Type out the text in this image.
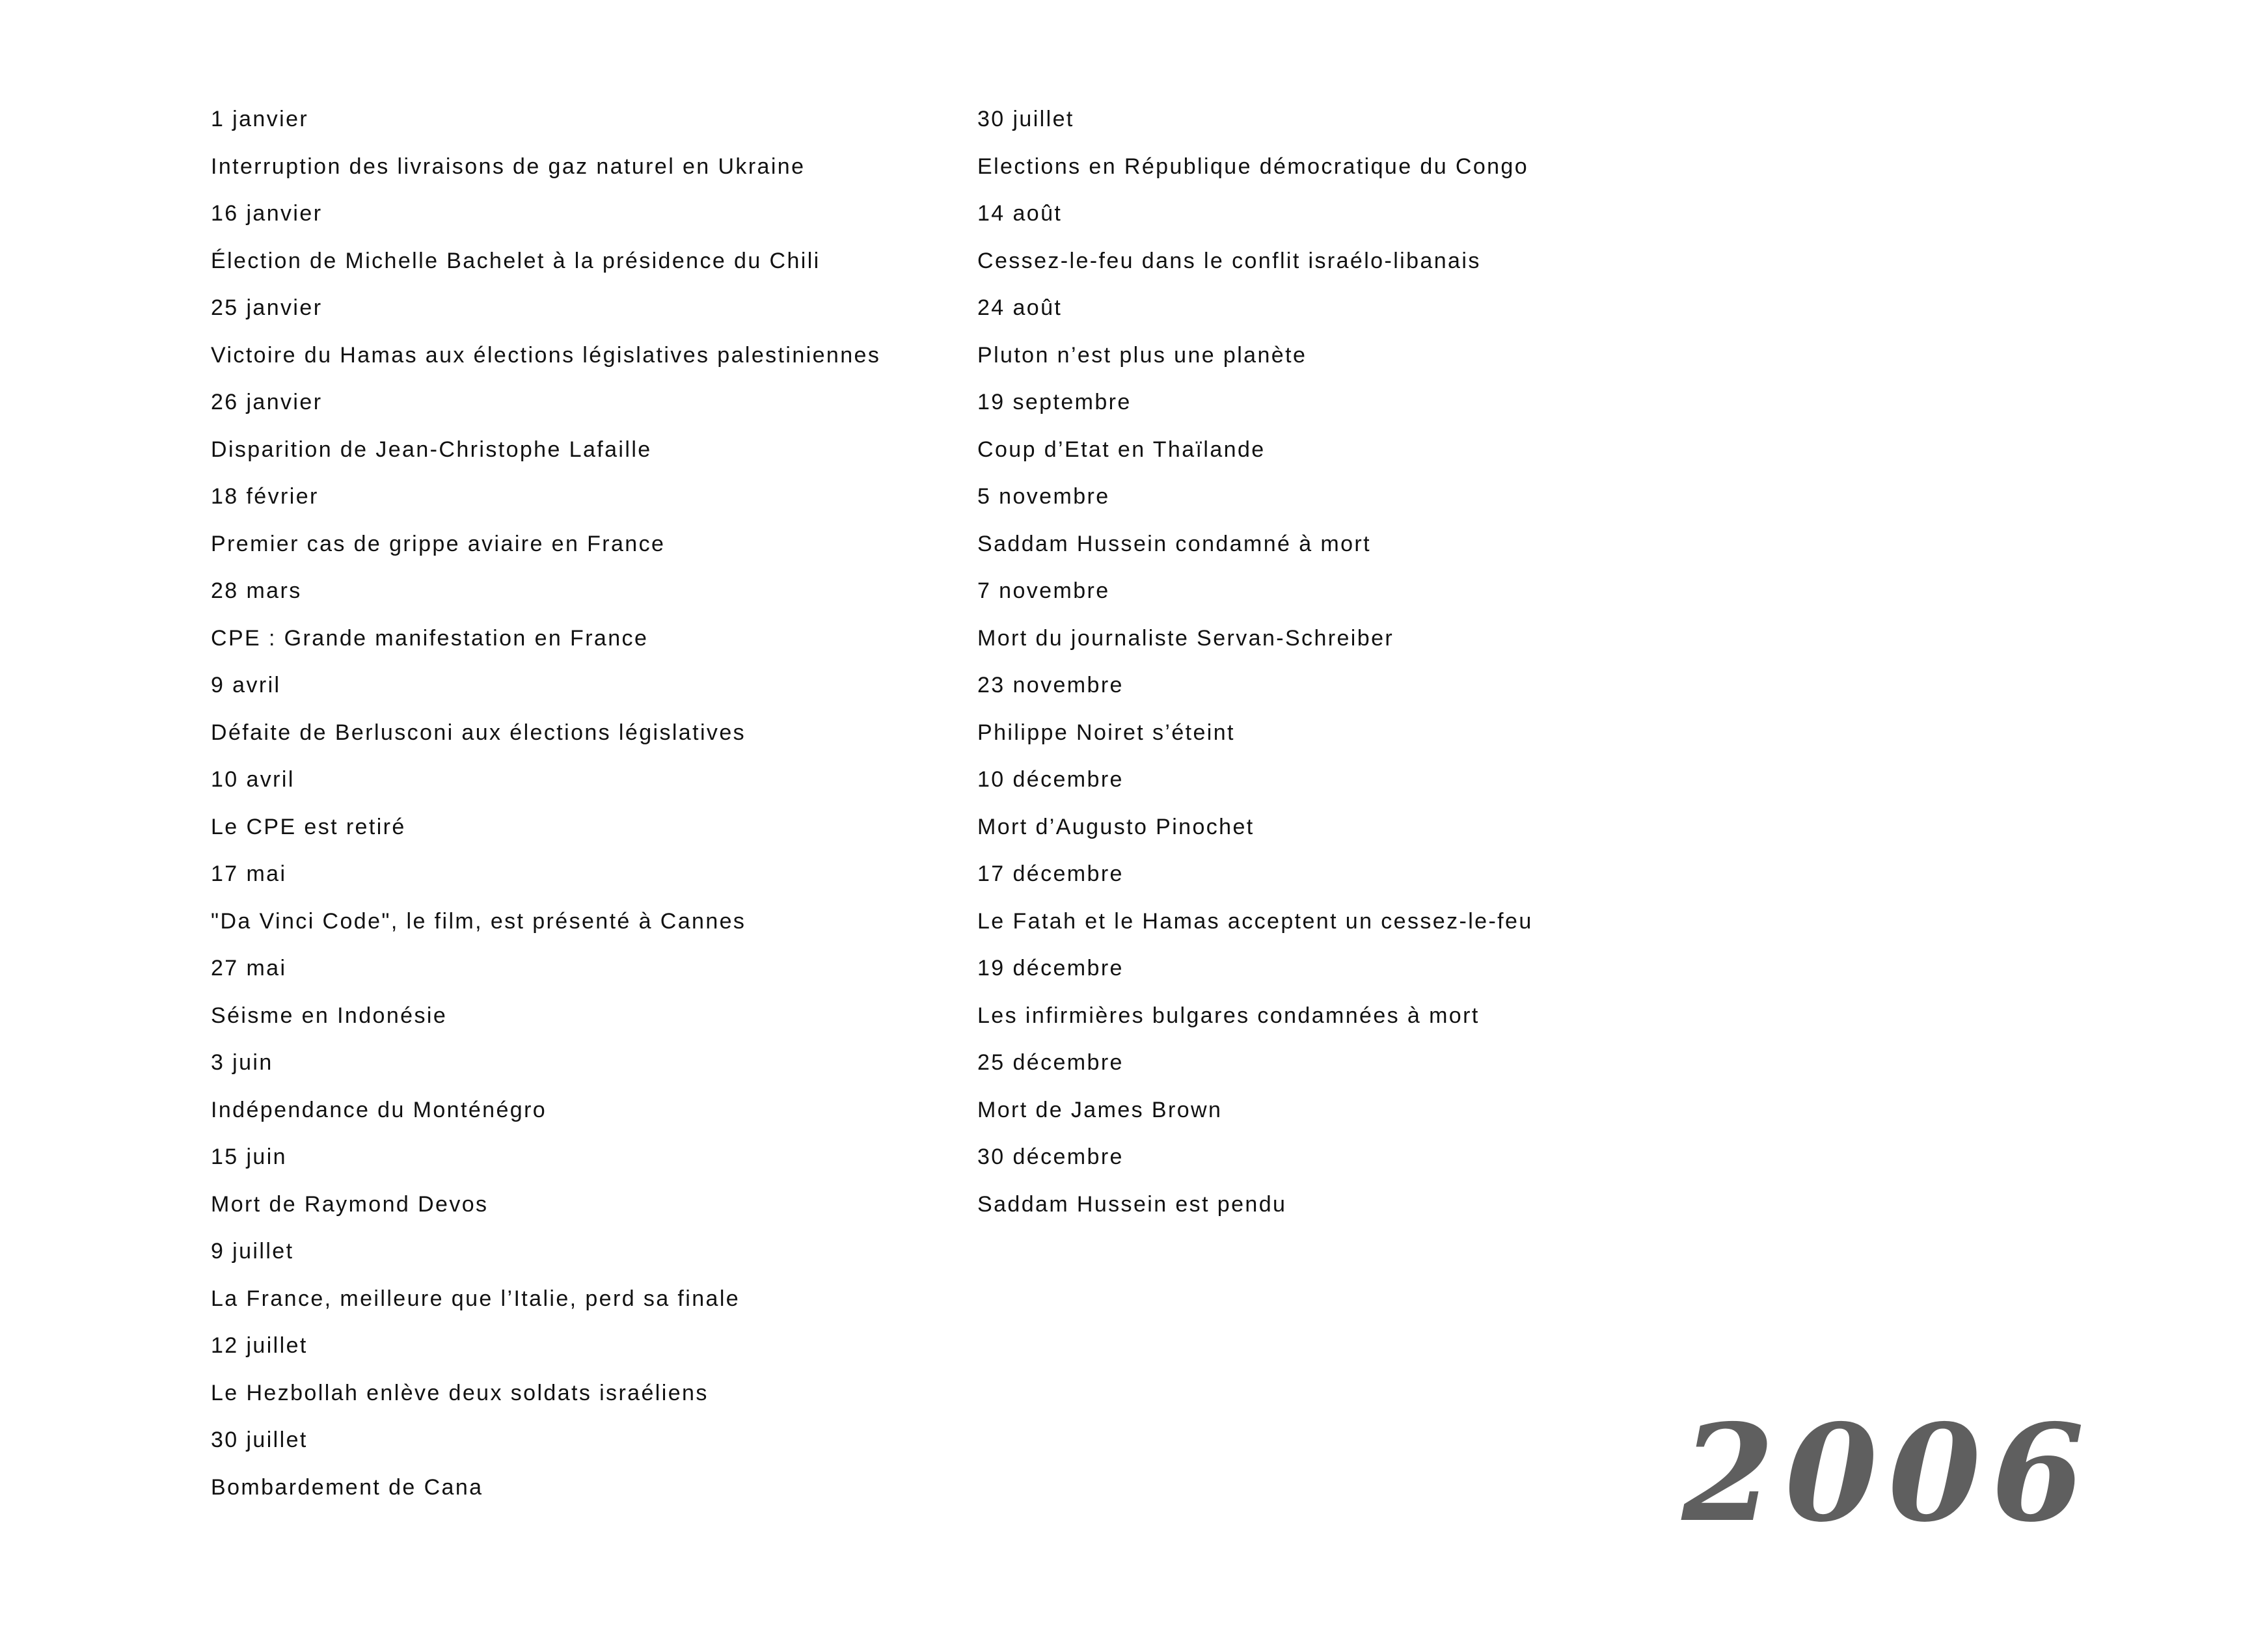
1 janvier
Interruption des livraisons de gaz naturel en Ukraine
16 janvier
Élection de Michelle Bachelet à la présidence du Chili
25 janvier
Victoire du Hamas aux élections législatives palestiniennes
26 janvier
Disparition de Jean-Christophe Lafaille
18 février
Premier cas de grippe aviaire en France
28 mars
CPE : Grande manifestation en France
9 avril
Défaite de Berlusconi aux élections législatives
10 avril
Le CPE est retiré
17 mai
"Da Vinci Code", le film, est présenté à Cannes
27 mai
Séisme en Indonésie
3 juin
Indépendance du Monténégro
15 juin
Mort de Raymond Devos
9 juillet
La France, meilleure que l’Italie, perd sa finale
12 juillet
Le Hezbollah enlève deux soldats israéliens
30 juillet
Bombardement de Cana
30 juillet
Elections en République démocratique du Congo
14 août
Cessez-le-feu dans le conflit israélo-libanais
24 août
Pluton n’est plus une planète
19 septembre
Coup d’Etat en Thaïlande
5 novembre
Saddam Hussein condamné à mort
7 novembre
Mort du journaliste Servan-Schreiber
23 novembre
Philippe Noiret s’éteint
10 décembre
Mort d’Augusto Pinochet
17 décembre
Le Fatah et le Hamas acceptent un cessez-le-feu
19 décembre
Les infirmières bulgares condamnées à mort
25 décembre
Mort de James Brown
30 décembre
Saddam Hussein est pendu
2006
